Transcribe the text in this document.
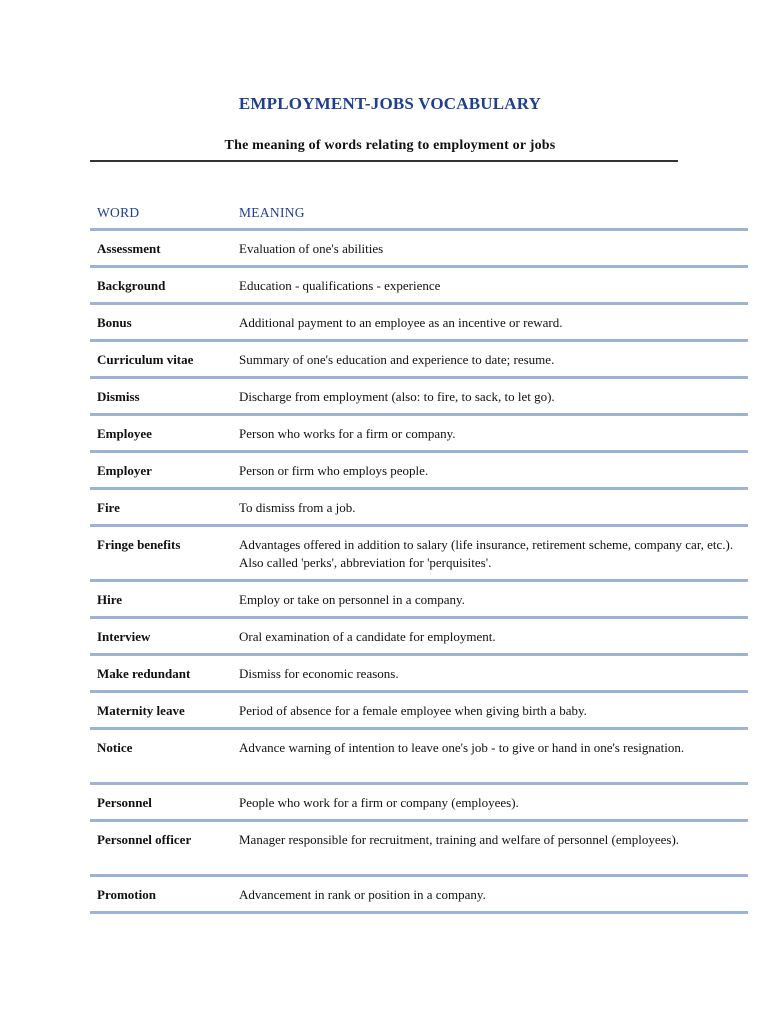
EMPLOYMENT-JOBS VOCABULARY
The meaning of words relating to employment or jobs
WORD	MEANING
Assessment	Evaluation of one's abilities
Background	Education - qualifications - experience
Bonus	Additional payment to an employee as an incentive or reward.
Curriculum vitae	Summary of one's education and experience to date; resume.
Dismiss	Discharge from employment (also: to fire, to sack, to let go).
Employee	Person who works for a firm or company.
Employer	Person or firm who employs people.
Fire	To dismiss from a job.
Fringe benefits	Advantages offered in addition to salary (life insurance, retirement scheme, company car, etc.). Also called 'perks', abbreviation for 'perquisites'.
Hire	Employ or take on personnel in a company.
Interview	Oral examination of a candidate for employment.
Make redundant	Dismiss for economic reasons.
Maternity leave	Period of absence for a female employee when giving birth a baby.
Notice	Advance warning of intention to leave one's job - to give or hand in one's resignation.
Personnel	People who work for a firm or company (employees).
Personnel officer	Manager responsible for recruitment, training and welfare of personnel (employees).
Promotion	Advancement in rank or position in a company.
